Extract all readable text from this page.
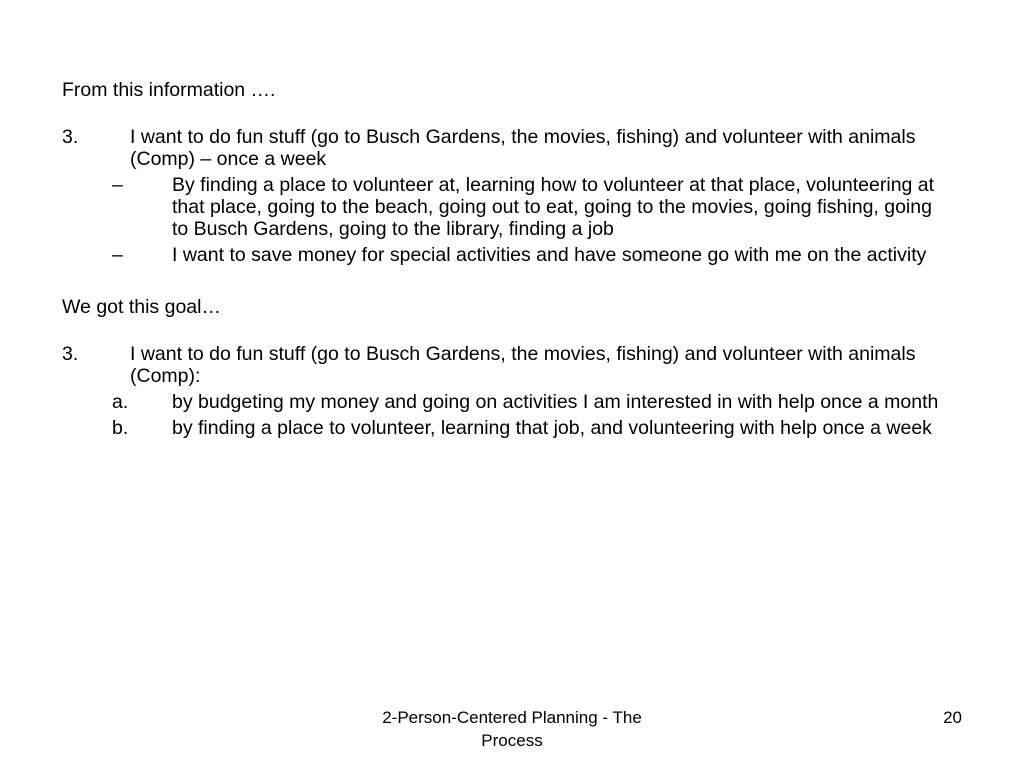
From this information ….

3.	I want to do fun stuff (go to Busch Gardens, the movies, fishing) and volunteer with animals (Comp) – once a week
–	By finding a place to volunteer at, learning how to volunteer at that place, volunteering at that place, going to the beach, going out to eat, going to the movies, going fishing, going to Busch Gardens, going to the library, finding a job
–	I want to save money for special activities and have someone go with me on the activity

We got this goal…

3.	I want to do fun stuff (go to Busch Gardens, the movies, fishing) and volunteer with animals (Comp):
a.	by budgeting my money and going on activities I am interested in with help once a month
b.	by finding a place to volunteer, learning that job, and volunteering with help once a week
2-Person-Centered Planning - The Process
20
